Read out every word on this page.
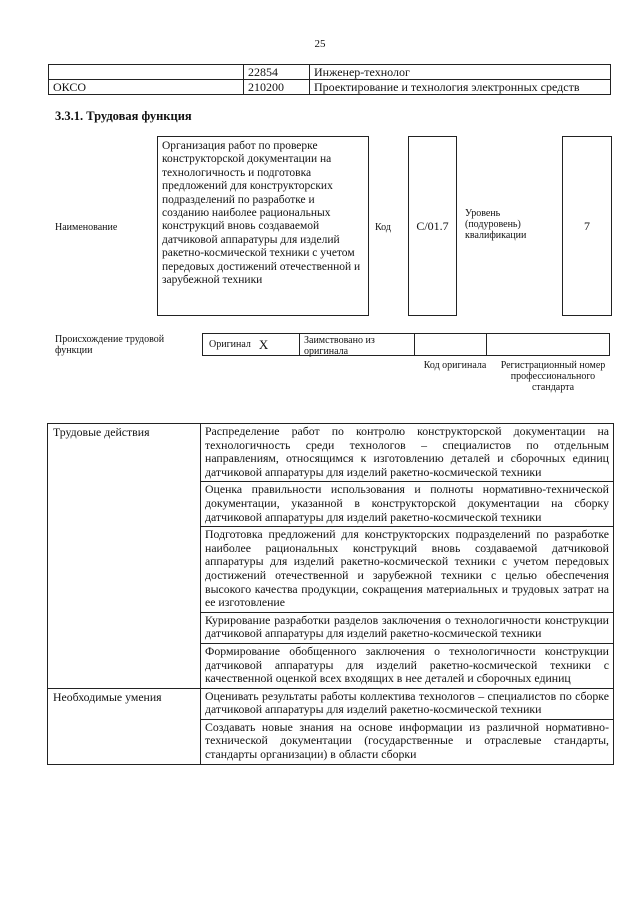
25
	22854	Инженер-технолог
ОКСО	210200	Проектирование и технология электронных средств
3.3.1. Трудовая функция
Наименование
Организация работ по проверке конструкторской документации на технологичность и подготовка предложений для конструкторских подразделений по разработке и созданию наиболее рациональных конструкций вновь создаваемой датчиковой аппаратуры для изделий ракетно-космической техники с учетом передовых достижений отечественной и зарубежной техники
Код	C/01.7
Уровень (подуровень) квалификации
7
Происхождение трудовой функции
Оригинал X	Заимствовано из оригинала
Код оригинала	Регистрационный номер профессионального стандарта
Трудовые действия	Распределение работ по контролю конструкторской документации на технологичность среди технологов – специалистов по отдельным направлениям, относящимся к изготовлению деталей и сборочных единиц датчиковой аппаратуры для изделий ракетно-космической техники
	Оценка правильности использования и полноты нормативно-технической документации, указанной в конструкторской документации на сборку датчиковой аппаратуры для изделий ракетно-космической техники
	Подготовка предложений для конструкторских подразделений по разработке наиболее рациональных конструкций вновь создаваемой датчиковой аппаратуры для изделий ракетно-космической техники с учетом передовых достижений отечественной и зарубежной техники с целью обеспечения высокого качества продукции, сокращения материальных и трудовых затрат на ее изготовление
	Курирование разработки разделов заключения о технологичности конструкции датчиковой аппаратуры для изделий ракетно-космической техники
	Формирование обобщенного заключения о технологичности конструкции датчиковой аппаратуры для изделий ракетно-космической техники с качественной оценкой всех входящих в нее деталей и сборочных единиц
Необходимые умения	Оценивать результаты работы коллектива технологов – специалистов по сборке датчиковой аппаратуры для изделий ракетно-космической техники
	Создавать новые знания на основе информации из различной нормативно-технической документации (государственные и отраслевые стандарты, стандарты организации) в области сборки
